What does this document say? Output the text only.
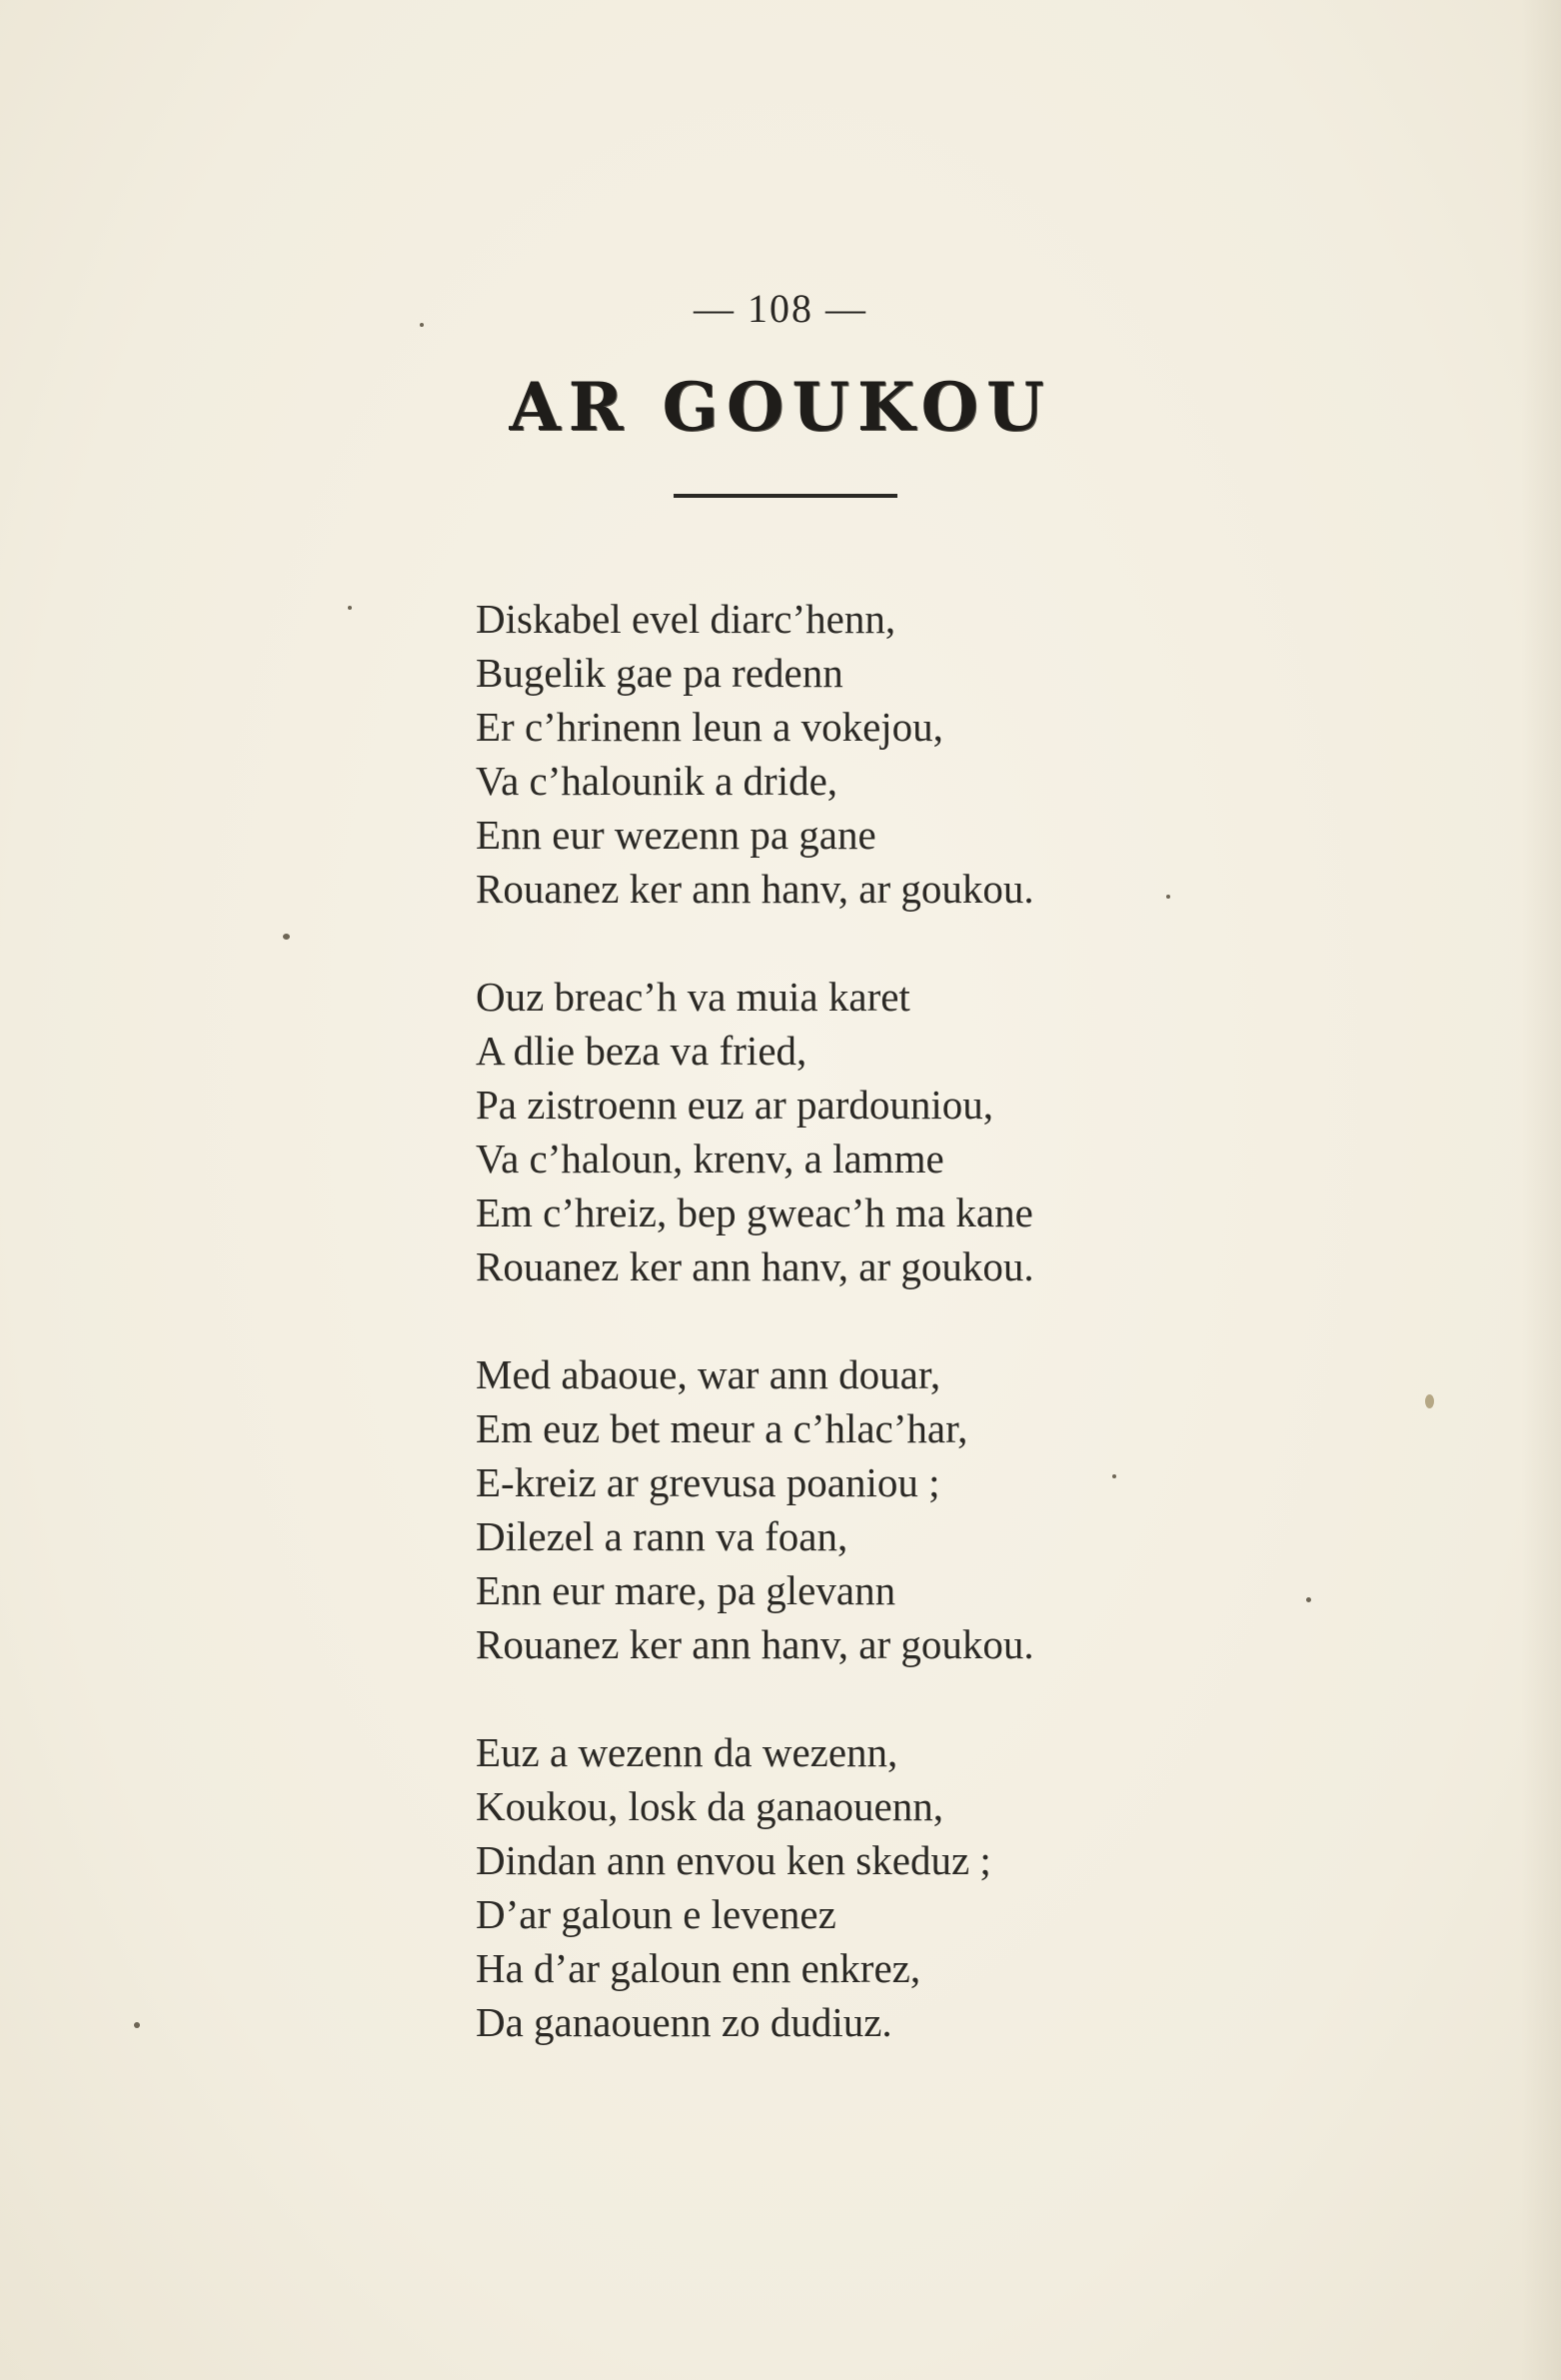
— 108 —
AR GOUKOU
Diskabel evel diarc’henn,
Bugelik gae pa redenn
Er c’hrinenn leun a vokejou,
Va c’halounik a dride,
Enn eur wezenn pa gane
Rouanez ker ann hanv, ar goukou.
Ouz breac’h va muia karet
A dlie beza va fried,
Pa zistroenn euz ar pardouniou,
Va c’haloun, krenv, a lamme
Em c’hreiz, bep gweac’h ma kane
Rouanez ker ann hanv, ar goukou.
Med abaoue, war ann douar,
Em euz bet meur a c’hlac’har,
E-kreiz ar grevusa poaniou ;
Dilezel a rann va foan,
Enn eur mare, pa glevann
Rouanez ker ann hanv, ar goukou.
Euz a wezenn da wezenn,
Koukou, losk da ganaouenn,
Dindan ann envou ken skeduz ;
D’ar galoun e levenez
Ha d’ar galoun enn enkrez,
Da ganaouenn zo dudiuz.
